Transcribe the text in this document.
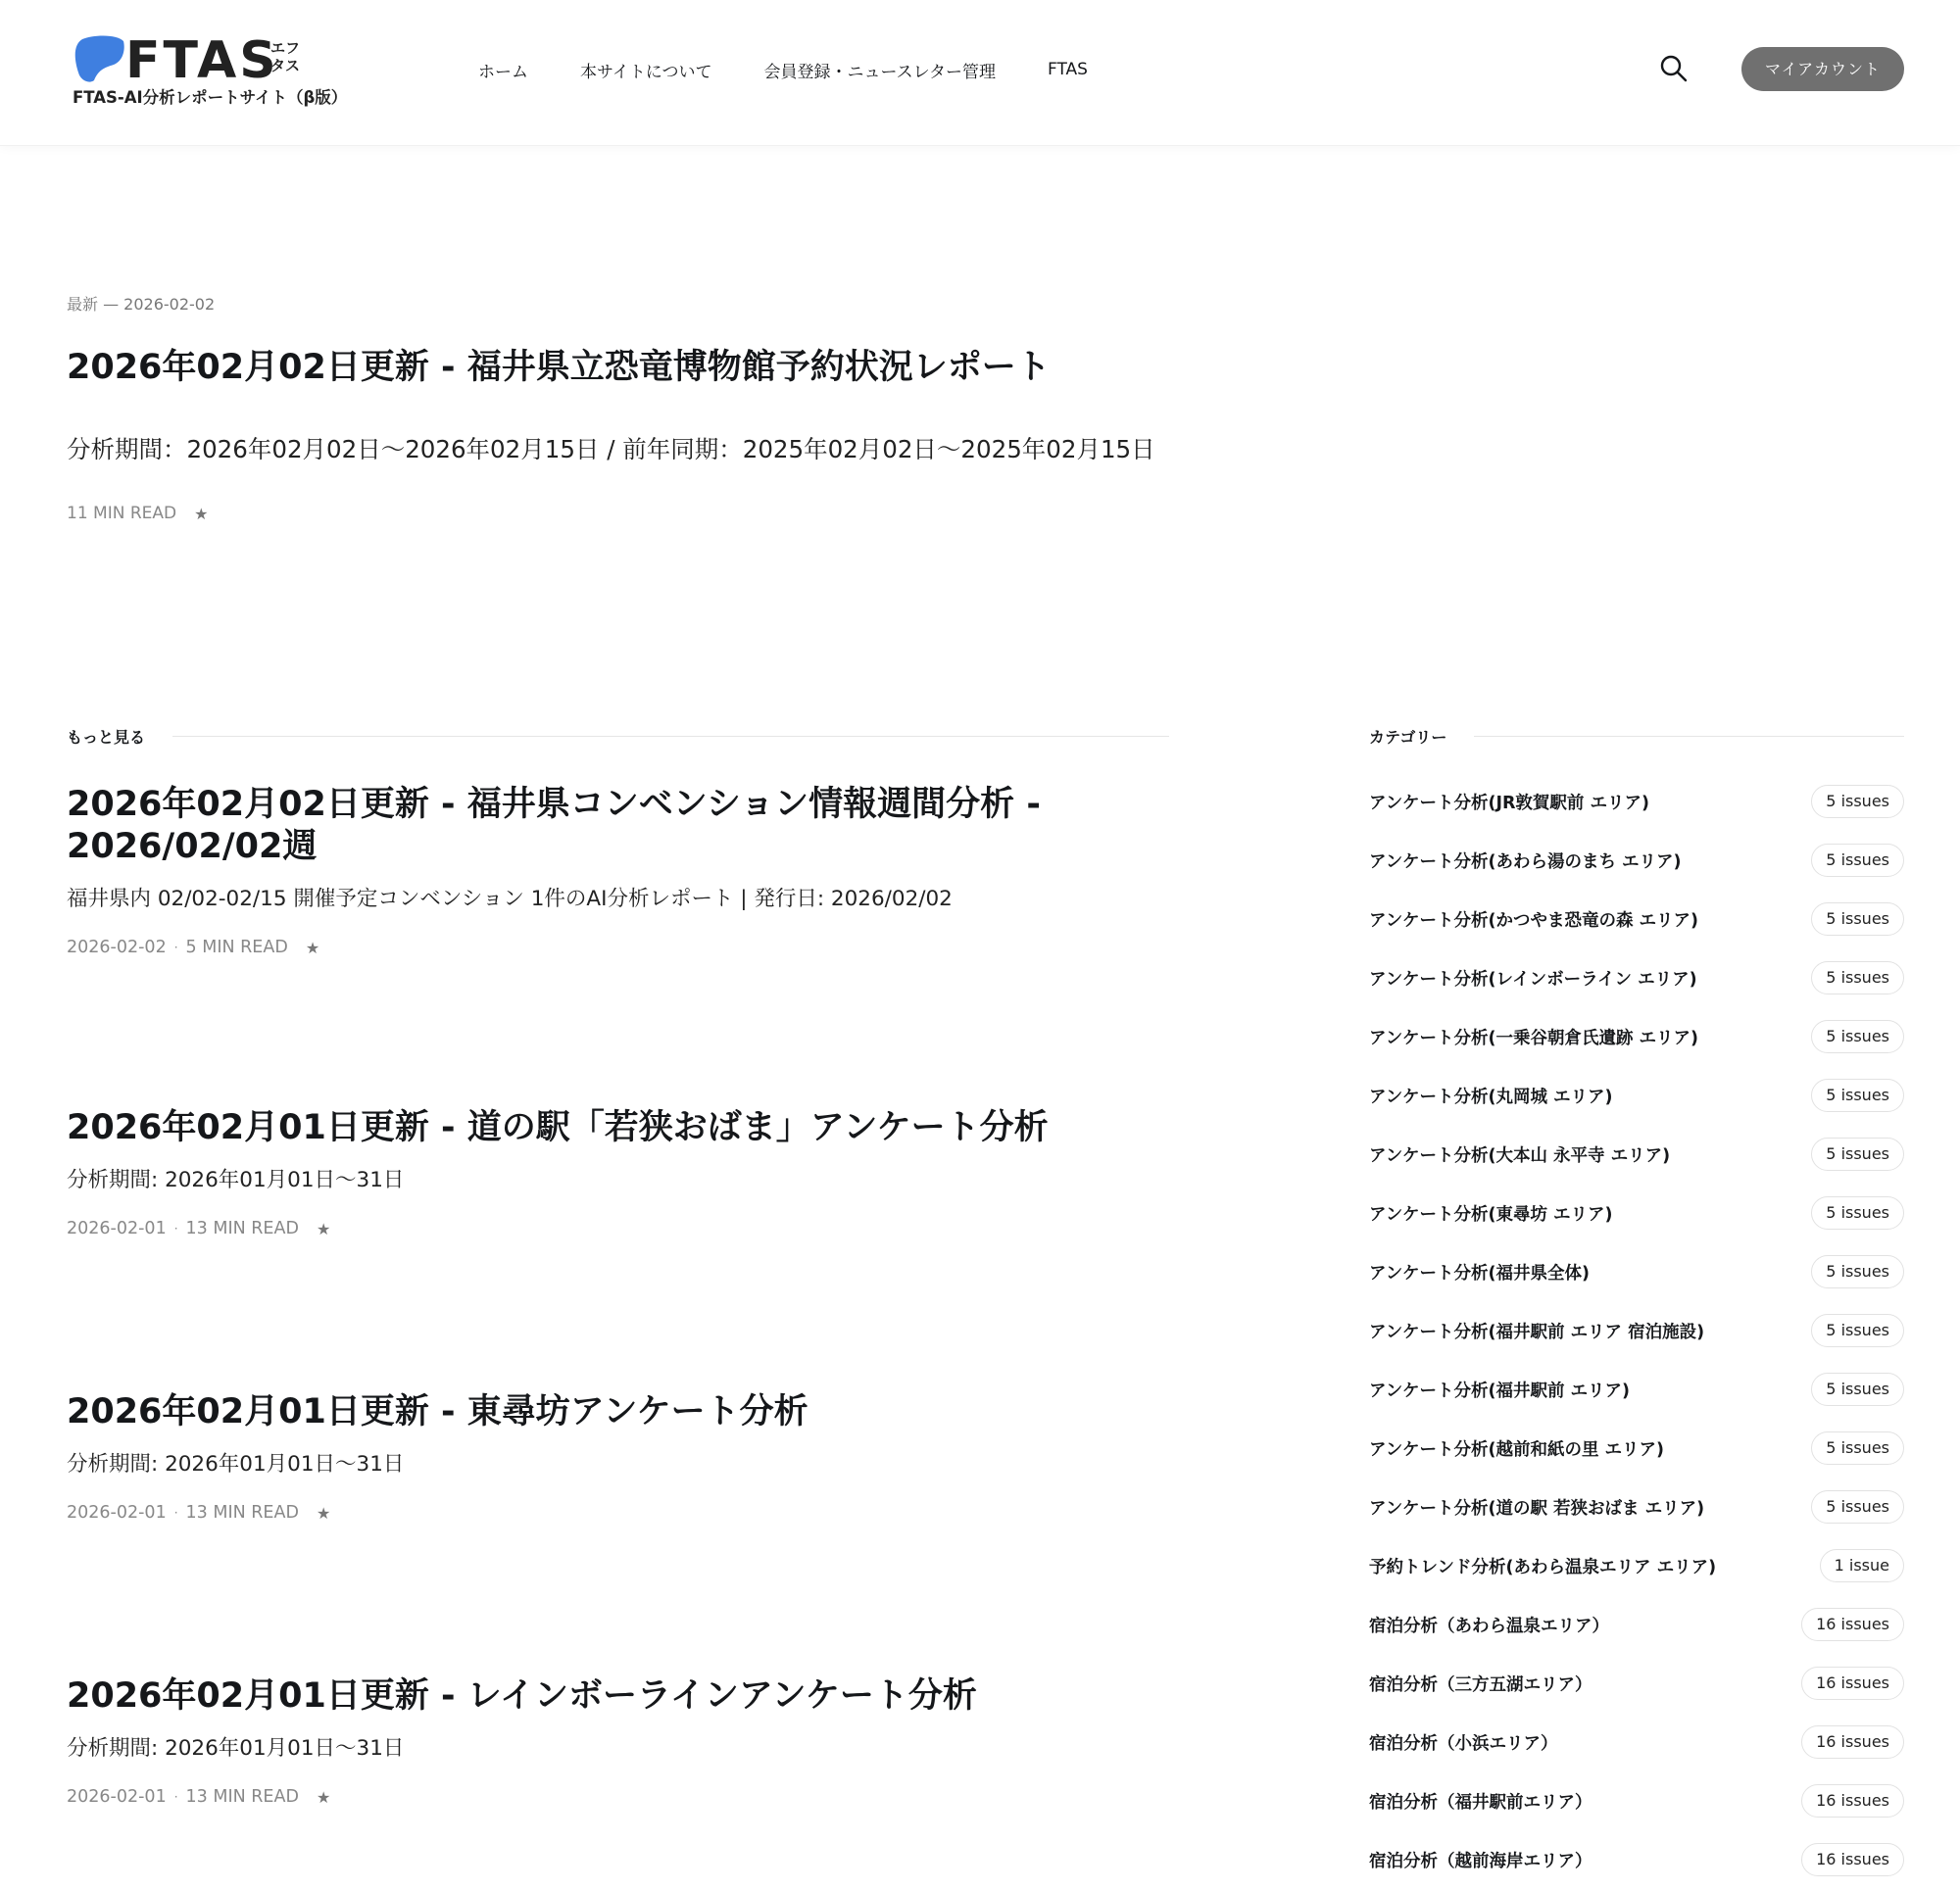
FTAS
エフ
タス
FTAS-AI分析レポートサイト（β版）
ホーム	本サイトについて	会員登録・ニュースレター管理	FTAS	マイアカウント
最新 — 2026-02-02
2026年02月02日更新 - 福井県立恐竜博物館予約状況レポート
分析期間：2026年02月02日〜2026年02月15日 / 前年同期：2025年02月02日〜2025年02月15日
11 MIN READ ★
もっと見る
2026年02月02日更新 - 福井県コンベンション情報週間分析 -
2026/02/02週
福井県内 02/02-02/15 開催予定コンベンション 1件のAI分析レポート | 発行日: 2026/02/02
2026-02-02 · 5 MIN READ ★
2026年02月01日更新 - 道の駅「若狭おばま」アンケート分析
分析期間: 2026年01月01日〜31日
2026-02-01 · 13 MIN READ ★
2026年02月01日更新 - 東尋坊アンケート分析
分析期間: 2026年01月01日〜31日
2026-02-01 · 13 MIN READ ★
2026年02月01日更新 - レインボーラインアンケート分析
分析期間: 2026年01月01日〜31日
2026-02-01 · 13 MIN READ ★
カテゴリー
アンケート分析(JR敦賀駅前 エリア)	5 issues
アンケート分析(あわら湯のまち エリア)	5 issues
アンケート分析(かつやま恐竜の森 エリア)	5 issues
アンケート分析(レインボーライン エリア)	5 issues
アンケート分析(一乗谷朝倉氏遺跡 エリア)	5 issues
アンケート分析(丸岡城 エリア)	5 issues
アンケート分析(大本山 永平寺 エリア)	5 issues
アンケート分析(東尋坊 エリア)	5 issues
アンケート分析(福井県全体)	5 issues
アンケート分析(福井駅前 エリア 宿泊施設)	5 issues
アンケート分析(福井駅前 エリア)	5 issues
アンケート分析(越前和紙の里 エリア)	5 issues
アンケート分析(道の駅 若狭おばま エリア)	5 issues
予約トレンド分析(あわら温泉エリア エリア)	1 issue
宿泊分析（あわら温泉エリア）	16 issues
宿泊分析（三方五湖エリア）	16 issues
宿泊分析（小浜エリア）	16 issues
宿泊分析（福井駅前エリア）	16 issues
宿泊分析（越前海岸エリア）	16 issues
